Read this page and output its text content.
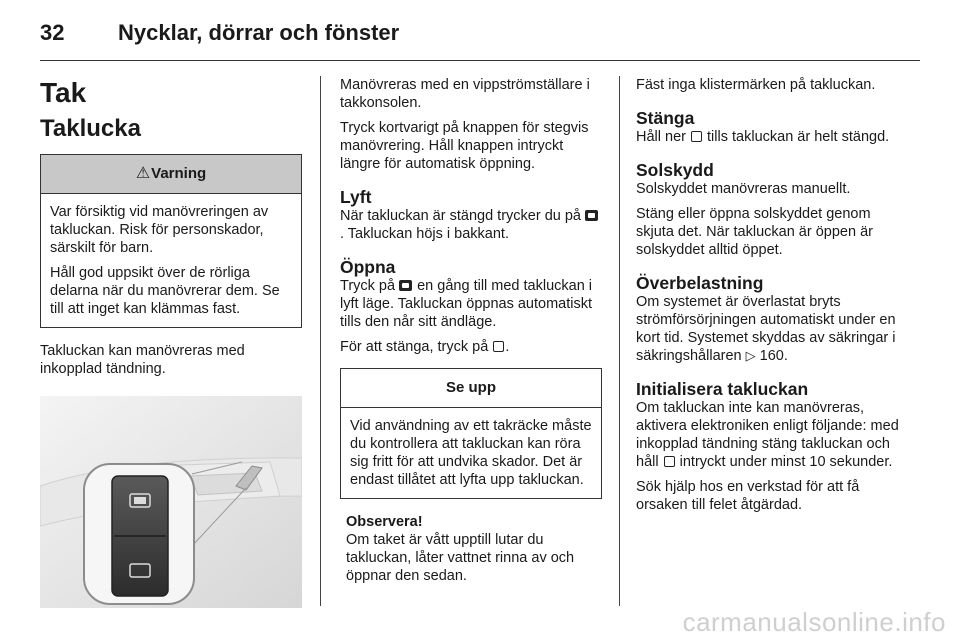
32 Nycklar, dörrar och fönster
Tak
Taklucka
⚠Varning

Var försiktig vid manövreringen av takluckan. Risk för personskador, särskilt för barn.

Håll god uppsikt över de rörliga delarna när du manövrerar dem. Se till att inget kan klämmas fast.

Takluckan kan manövreras med inkopplad tändning.

Manövreras med en vippströmställare i takkonsolen.

Tryck kortvarigt på knappen för stegvis manövrering. Håll knappen intryckt längre för automatisk öppning.

Lyft

När takluckan är stängd trycker du på . Takluckan höjs i bakkant.

Öppna

Tryck på  en gång till med takluckan i lyft läge. Takluckan öppnas automatiskt tills den når sitt ändläge.

För att stänga, tryck på .

Se upp

Vid användning av ett takräcke måste du kontrollera att takluckan kan röra sig fritt för att undvika skador. Det är endast tillåtet att lyfta upp takluckan.

Observera!

Om taket är vått upptill lutar du takluckan, låter vattnet rinna av och öppnar den sedan.

Fäst inga klistermärken på takluckan.

Stänga

Håll ner  tills takluckan är helt stängd.

Solskydd

Solskyddet manövreras manuellt.

Stäng eller öppna solskyddet genom skjuta det. När takluckan är öppen är solskyddet alltid öppet.

Överbelastning

Om systemet är överlastat bryts strömförsörjningen automatiskt under en kort tid. Systemet skyddas av säkringar i säkringshållaren ▷ 160.

Initialisera takluckan

Om takluckan inte kan manövreras, aktivera elektroniken enligt följande: med inkopplad tändning stäng takluckan och håll  intryckt under minst 10 sekunder.

Sök hjälp hos en verkstad för att få orsaken till felet åtgärdad.

carmanualsonline.info
